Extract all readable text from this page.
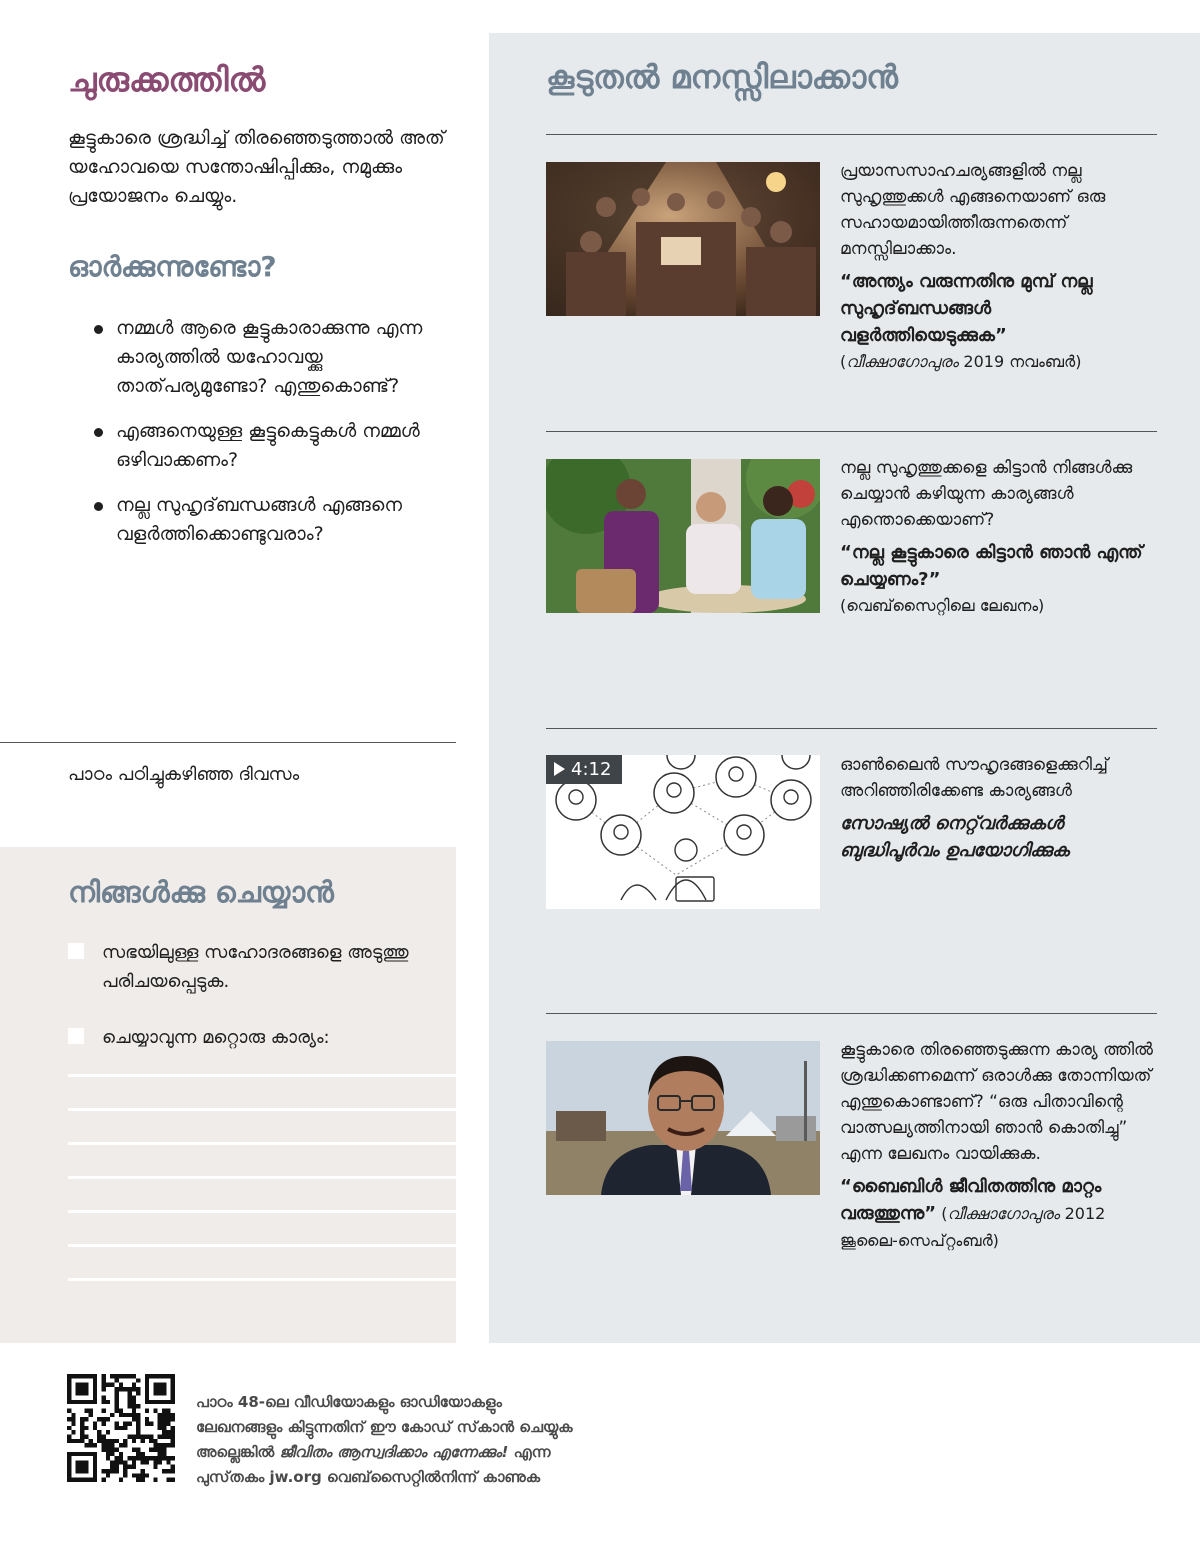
ചുരുക്കത്തിൽ

കൂട്ടുകാരെ ശ്രദ്ധിച്ച് തിരഞ്ഞെടുത്താൽ അത് യഹോവയെ സന്തോഷിപ്പിക്കും, നമുക്കും പ്രയോജനം ചെയ്യും.

ഓർക്കുന്നുണ്ടോ?
നമ്മൾ ആരെ കൂട്ടുകാരാക്കുന്നു എന്ന കാര്യത്തിൽ യഹോവയ്ക്കു താത്‌പര്യമുണ്ടോ? എന്തുകൊണ്ട്?
എങ്ങനെയുള്ള കൂട്ടുകെട്ടുകൾ നമ്മൾ ഒഴിവാക്കണം?
നല്ല സുഹൃദ്‌ബന്ധങ്ങൾ എങ്ങനെ വളർത്തിക്കൊണ്ടുവരാം?
പാഠം പഠിച്ചുകഴിഞ്ഞ ദിവസം
നിങ്ങൾക്കു ചെയ്യാൻ
സഭയിലുള്ള സഹോദരങ്ങളെ അടുത്തു പരിചയപ്പെടുക.
ചെയ്യാവുന്ന മറ്റൊരു കാര്യം:
കൂടുതൽ മനസ്സിലാക്കാൻ
പ്രയാസസാഹചര്യങ്ങളിൽ നല്ല സുഹൃത്തുക്കൾ എങ്ങനെയാണ് ഒരു സഹായമായിത്തീരുന്നതെന്ന് മനസ്സിലാക്കാം.
“അന്ത്യം വരുന്നതിനു മുമ്പ് നല്ല സുഹൃദ്‌ബന്ധങ്ങൾ വളർത്തിയെടുക്കുക”
(വീക്ഷാഗോപുരം 2019 നവംബർ)
നല്ല സുഹൃത്തുക്കളെ കിട്ടാൻ നിങ്ങൾക്കു ചെയ്യാൻ കഴിയുന്ന കാര്യങ്ങൾ എന്തൊക്കെയാണ്?
“നല്ല കൂട്ടുകാരെ കിട്ടാൻ ഞാൻ എന്ത് ചെയ്യണം?”
(വെബ്‌സൈറ്റിലെ ലേഖനം)
4:12	ഓൺലൈൻ സൗഹൃദങ്ങളെക്കുറിച്ച് അറിഞ്ഞിരിക്കേണ്ട കാര്യങ്ങൾ
സോഷ്യൽ നെറ്റ്‌വർക്കുകൾ ബുദ്ധിപൂർവം ഉപയോഗിക്കുക
കൂട്ടുകാരെ തിരഞ്ഞെടുക്കുന്ന കാര്യ ത്തിൽ ശ്രദ്ധിക്കണമെന്ന് ഒരാൾക്കു തോന്നിയത് എന്തുകൊണ്ടാണ്? “ഒരു പിതാവിന്റെ വാത്സല്യത്തിനായി ഞാൻ കൊതിച്ചു” എന്ന ലേഖനം വായിക്കുക.
“ബൈബിൾ ജീവിതത്തിനു മാറ്റം വരുത്തുന്നു” (വീക്ഷാഗോപുരം 2012 ജൂലൈ-സെപ്‌റ്റംബർ)
പാഠം 48-ലെ വീഡിയോകളും ഓഡിയോകളും
ലേഖനങ്ങളും കിട്ടുന്നതിന് ഈ കോഡ് സ്‌കാൻ ചെയ്യുക
അല്ലെങ്കിൽ ജീവിതം ആസ്വദിക്കാം എന്നേക്കും! എന്ന
പുസ്‌തകം jw.org വെബ്‌സൈറ്റിൽനിന്ന് കാണുക
